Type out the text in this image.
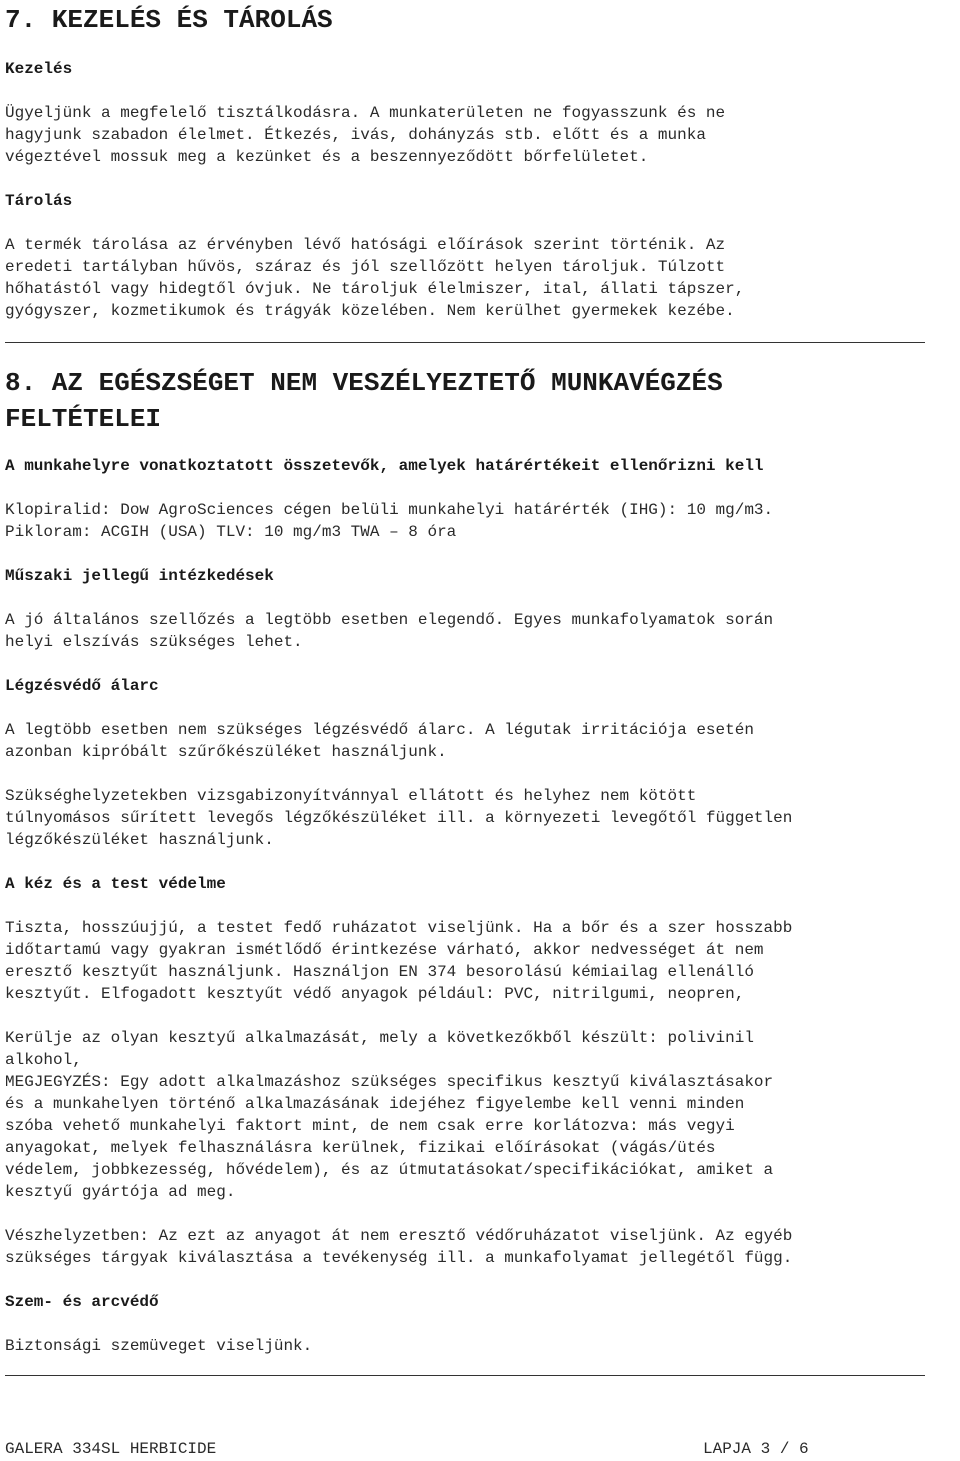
7. KEZELÉS ÉS TÁROLÁS
Kezelés
Ügyeljünk a megfelelő tisztálkodásra. A munkaterületen ne fogyasszunk és ne
hagyjunk szabadon élelmet. Étkezés, ivás, dohányzás stb. előtt és a munka
végeztével mossuk meg a kezünket és a beszennyeződött bőrfelületet.
Tárolás
A termék tárolása az érvényben lévő hatósági előírások szerint történik. Az
eredeti tartályban hűvös, száraz és jól szellőzött helyen tároljuk. Túlzott
hőhatástól vagy hidegtől óvjuk. Ne tároljuk élelmiszer, ital, állati tápszer,
gyógyszer, kozmetikumok és trágyák közelében. Nem kerülhet gyermekek kezébe.
8. AZ EGÉSZSÉGET NEM VESZÉLYEZTETŐ MUNKAVÉGZÉS
FELTÉTELEI
A munkahelyre vonatkoztatott összetevők, amelyek határértékeit ellenőrizni kell
Klopiralid: Dow AgroSciences cégen belüli munkahelyi határérték (IHG): 10 mg/m3.
Pikloram: ACGIH (USA) TLV: 10 mg/m3 TWA – 8 óra
Műszaki jellegű intézkedések
A jó általános szellőzés a legtöbb esetben elegendő. Egyes munkafolyamatok során
helyi elszívás szükséges lehet.
Légzésvédő álarc
A legtöbb esetben nem szükséges légzésvédő álarc. A légutak irritációja esetén
azonban kipróbált szűrőkészüléket használjunk.
Szükséghelyzetekben vizsgabizonyítvánnyal ellátott és helyhez nem kötött
túlnyomásos sűrített levegős légzőkészüléket ill. a környezeti levegőtől független
légzőkészüléket használjunk.
A kéz és a test védelme
Tiszta, hosszúujjú, a testet fedő ruházatot viseljünk. Ha a bőr és a szer hosszabb
időtartamú vagy gyakran ismétlődő érintkezése várható, akkor nedvességet át nem
eresztő kesztyűt használjunk. Használjon EN 374 besorolású kémiailag ellenálló
kesztyűt. Elfogadott kesztyűt védő anyagok például: PVC, nitrilgumi, neopren,
Kerülje az olyan kesztyű alkalmazását, mely a következőkből készült: polivinil
alkohol,
MEGJEGYZÉS: Egy adott alkalmazáshoz szükséges specifikus kesztyű kiválasztásakor
és a munkahelyen történő alkalmazásának idejéhez figyelembe kell venni minden
szóba vehető munkahelyi faktort mint, de nem csak erre korlátozva: más vegyi
anyagokat, melyek felhasználásra kerülnek, fizikai előírásokat (vágás/ütés
védelem, jobbkezesség, hővédelem), és az útmutatásokat/specifikációkat, amiket a
kesztyű gyártója ad meg.
Vészhelyzetben: Az ezt az anyagot át nem eresztő védőruházatot viseljünk. Az egyéb
szükséges tárgyak kiválasztása a tevékenység ill. a munkafolyamat jellegétől függ.
Szem- és arcvédő
Biztonsági szemüveget viseljünk.
GALERA 334SL HERBICIDE	LAPJA 3 / 6
